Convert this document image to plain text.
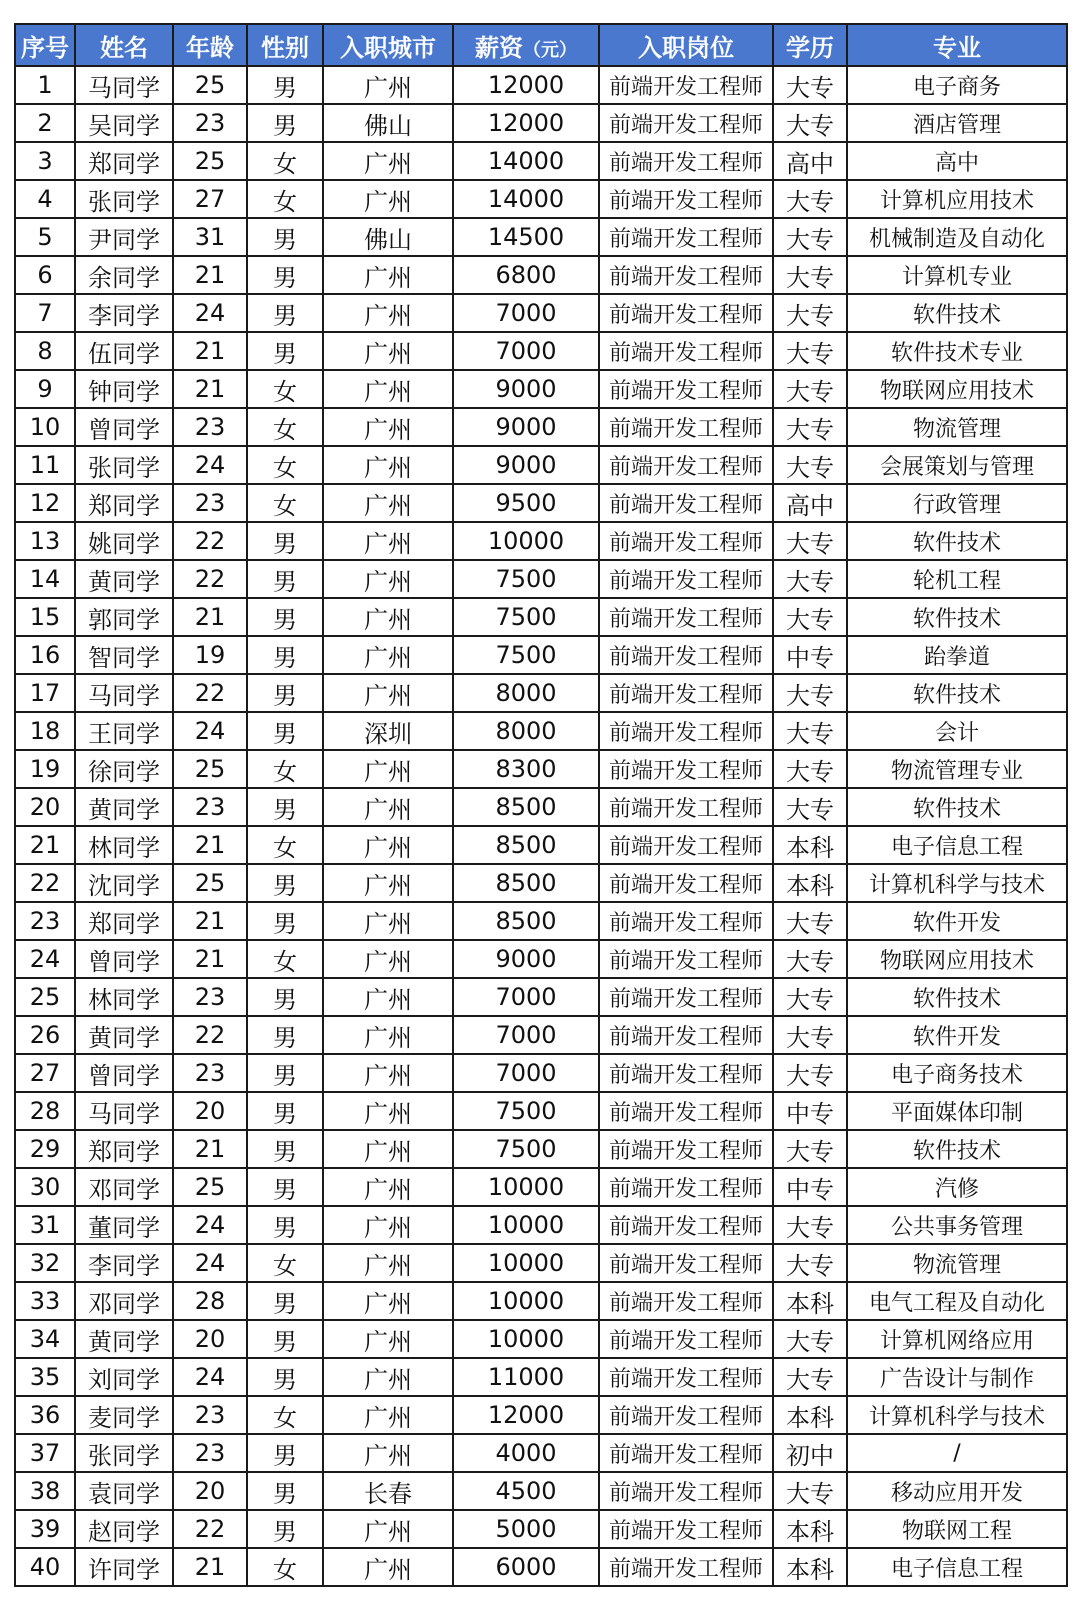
序号	姓名	年龄	性别	入职城市	薪资（元）	入职岗位	学历	专业
1	马同学	25	男	广州	12000	前端开发工程师	大专	电子商务
2	吴同学	23	男	佛山	12000	前端开发工程师	大专	酒店管理
3	郑同学	25	女	广州	14000	前端开发工程师	高中	高中
4	张同学	27	女	广州	14000	前端开发工程师	大专	计算机应用技术
5	尹同学	31	男	佛山	14500	前端开发工程师	大专	机械制造及自动化
6	余同学	21	男	广州	6800	前端开发工程师	大专	计算机专业
7	李同学	24	男	广州	7000	前端开发工程师	大专	软件技术
8	伍同学	21	男	广州	7000	前端开发工程师	大专	软件技术专业
9	钟同学	21	女	广州	9000	前端开发工程师	大专	物联网应用技术
10	曾同学	23	女	广州	9000	前端开发工程师	大专	物流管理
11	张同学	24	女	广州	9000	前端开发工程师	大专	会展策划与管理
12	郑同学	23	女	广州	9500	前端开发工程师	高中	行政管理
13	姚同学	22	男	广州	10000	前端开发工程师	大专	软件技术
14	黄同学	22	男	广州	7500	前端开发工程师	大专	轮机工程
15	郭同学	21	男	广州	7500	前端开发工程师	大专	软件技术
16	智同学	19	男	广州	7500	前端开发工程师	中专	跆拳道
17	马同学	22	男	广州	8000	前端开发工程师	大专	软件技术
18	王同学	24	男	深圳	8000	前端开发工程师	大专	会计
19	徐同学	25	女	广州	8300	前端开发工程师	大专	物流管理专业
20	黄同学	23	男	广州	8500	前端开发工程师	大专	软件技术
21	林同学	21	女	广州	8500	前端开发工程师	本科	电子信息工程
22	沈同学	25	男	广州	8500	前端开发工程师	本科	计算机科学与技术
23	郑同学	21	男	广州	8500	前端开发工程师	大专	软件开发
24	曾同学	21	女	广州	9000	前端开发工程师	大专	物联网应用技术
25	林同学	23	男	广州	7000	前端开发工程师	大专	软件技术
26	黄同学	22	男	广州	7000	前端开发工程师	大专	软件开发
27	曾同学	23	男	广州	7000	前端开发工程师	大专	电子商务技术
28	马同学	20	男	广州	7500	前端开发工程师	中专	平面媒体印制
29	郑同学	21	男	广州	7500	前端开发工程师	大专	软件技术
30	邓同学	25	男	广州	10000	前端开发工程师	中专	汽修
31	董同学	24	男	广州	10000	前端开发工程师	大专	公共事务管理
32	李同学	24	女	广州	10000	前端开发工程师	大专	物流管理
33	邓同学	28	男	广州	10000	前端开发工程师	本科	电气工程及自动化
34	黄同学	20	男	广州	10000	前端开发工程师	大专	计算机网络应用
35	刘同学	24	男	广州	11000	前端开发工程师	大专	广告设计与制作
36	麦同学	23	女	广州	12000	前端开发工程师	本科	计算机科学与技术
37	张同学	23	男	广州	4000	前端开发工程师	初中	/
38	袁同学	20	男	长春	4500	前端开发工程师	大专	移动应用开发
39	赵同学	22	男	广州	5000	前端开发工程师	本科	物联网工程
40	许同学	21	女	广州	6000	前端开发工程师	本科	电子信息工程
